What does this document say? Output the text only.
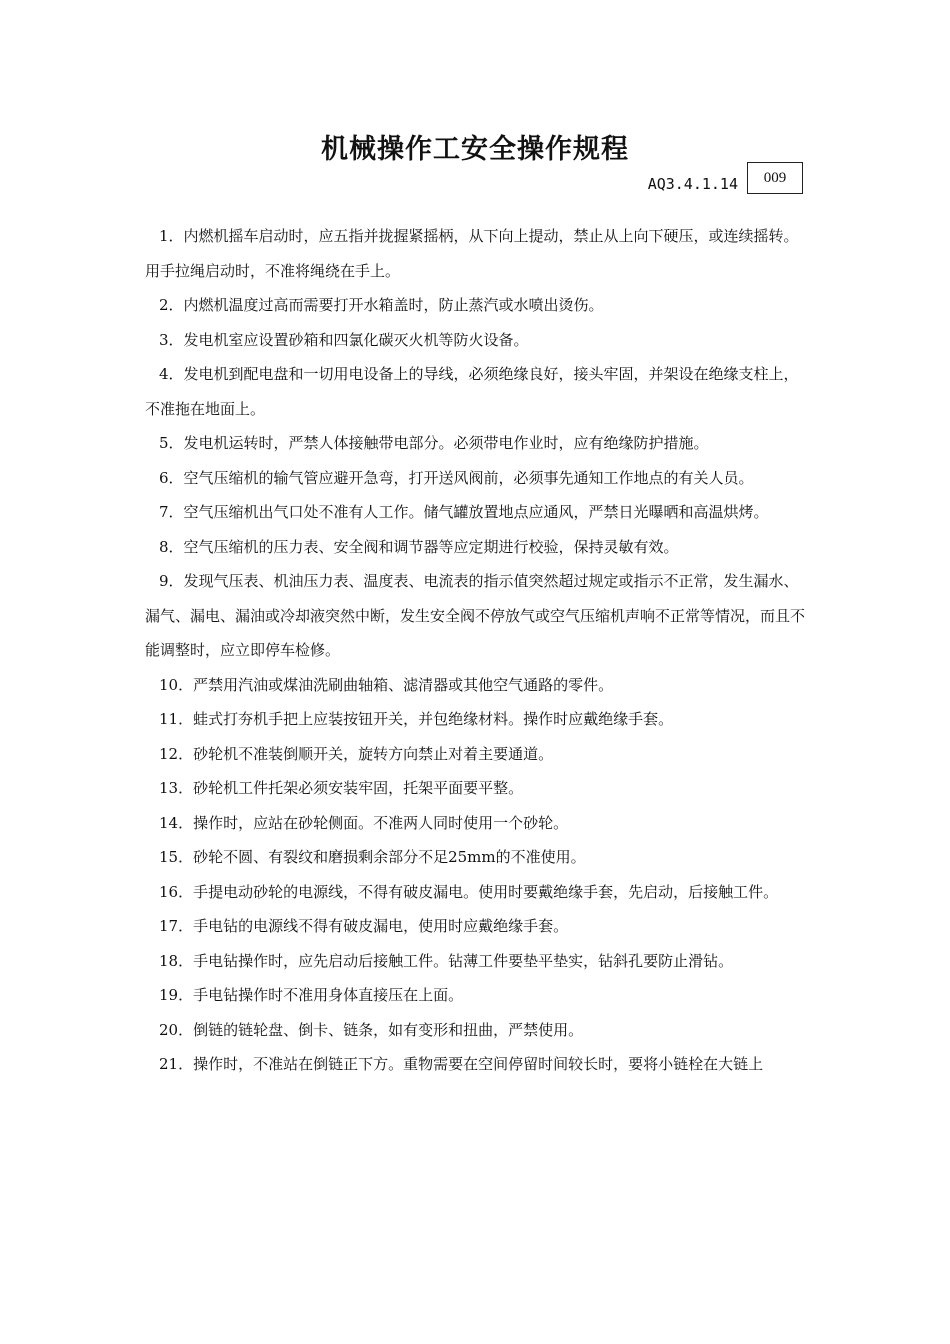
机械操作工安全操作规程
AQ3.4.1.14	009

1．内燃机摇车启动时，应五指并拢握紧摇柄，从下向上提动，禁止从上向下硬压，或连续摇转。用手拉绳启动时，不准将绳绕在手上。

2．内燃机温度过高而需要打开水箱盖时，防止蒸汽或水喷出烫伤。

3．发电机室应设置砂箱和四氯化碳灭火机等防火设备。

4．发电机到配电盘和一切用电设备上的导线，必须绝缘良好，接头牢固，并架设在绝缘支柱上，不准拖在地面上。

5．发电机运转时，严禁人体接触带电部分。必须带电作业时，应有绝缘防护措施。

6．空气压缩机的输气管应避开急弯，打开送风阀前，必须事先通知工作地点的有关人员。

7．空气压缩机出气口处不准有人工作。储气罐放置地点应通风，严禁日光曝晒和高温烘烤。

8．空气压缩机的压力表、安全阀和调节器等应定期进行校验，保持灵敏有效。

9．发现气压表、机油压力表、温度表、电流表的指示值突然超过规定或指示不正常，发生漏水、漏气、漏电、漏油或冷却液突然中断，发生安全阀不停放气或空气压缩机声响不正常等情况，而且不能调整时，应立即停车检修。

10．严禁用汽油或煤油洗刷曲轴箱、滤清器或其他空气通路的零件。

11．蛙式打夯机手把上应装按钮开关，并包绝缘材料。操作时应戴绝缘手套。

12．砂轮机不准装倒顺开关，旋转方向禁止对着主要通道。

13．砂轮机工件托架必须安装牢固，托架平面要平整。

14．操作时，应站在砂轮侧面。不准两人同时使用一个砂轮。

15．砂轮不圆、有裂纹和磨损剩余部分不足25mm的不准使用。

16．手提电动砂轮的电源线，不得有破皮漏电。使用时要戴绝缘手套，先启动，后接触工件。

17．手电钻的电源线不得有破皮漏电，使用时应戴绝缘手套。

18．手电钻操作时，应先启动后接触工件。钻薄工件要垫平垫实，钻斜孔要防止滑钻。

19．手电钻操作时不准用身体直接压在上面。

20．倒链的链轮盘、倒卡、链条，如有变形和扭曲，严禁使用。

21．操作时，不准站在倒链正下方。重物需要在空间停留时间较长时，要将小链栓在大链上
